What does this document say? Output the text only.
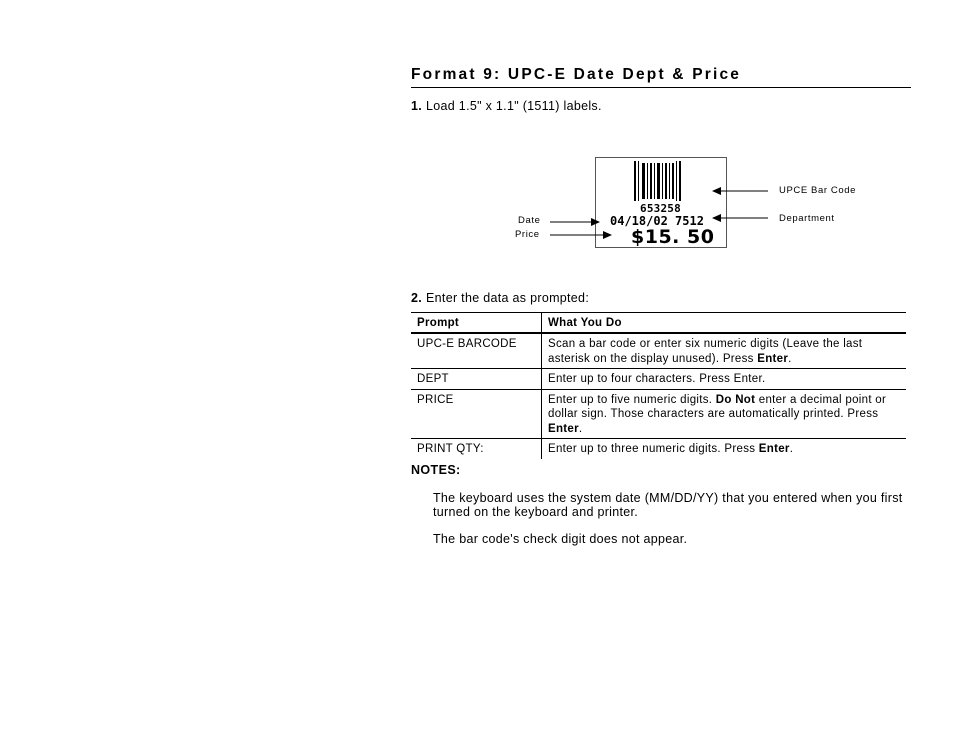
Format 9: UPC-E Date Dept & Price
1. Load 1.5" x 1.1" (1511) labels.
653258
04/18/02 7512
$15. 50
UPCE Bar Code
Department
Date
Price
2. Enter the data as prompted:
Prompt	What You Do
UPC-E BARCODE	Scan a bar code or enter six numeric digits (Leave the last asterisk on the display unused). Press Enter.
DEPT	Enter up to four characters. Press Enter.
PRICE	Enter up to five numeric digits. Do Not enter a decimal point or dollar sign. Those characters are automatically printed. Press Enter.
PRINT QTY:	Enter up to three numeric digits. Press Enter.
NOTES:

The keyboard uses the system date (MM/DD/YY) that you entered when you first turned on the keyboard and printer.

The bar code's check digit does not appear.
